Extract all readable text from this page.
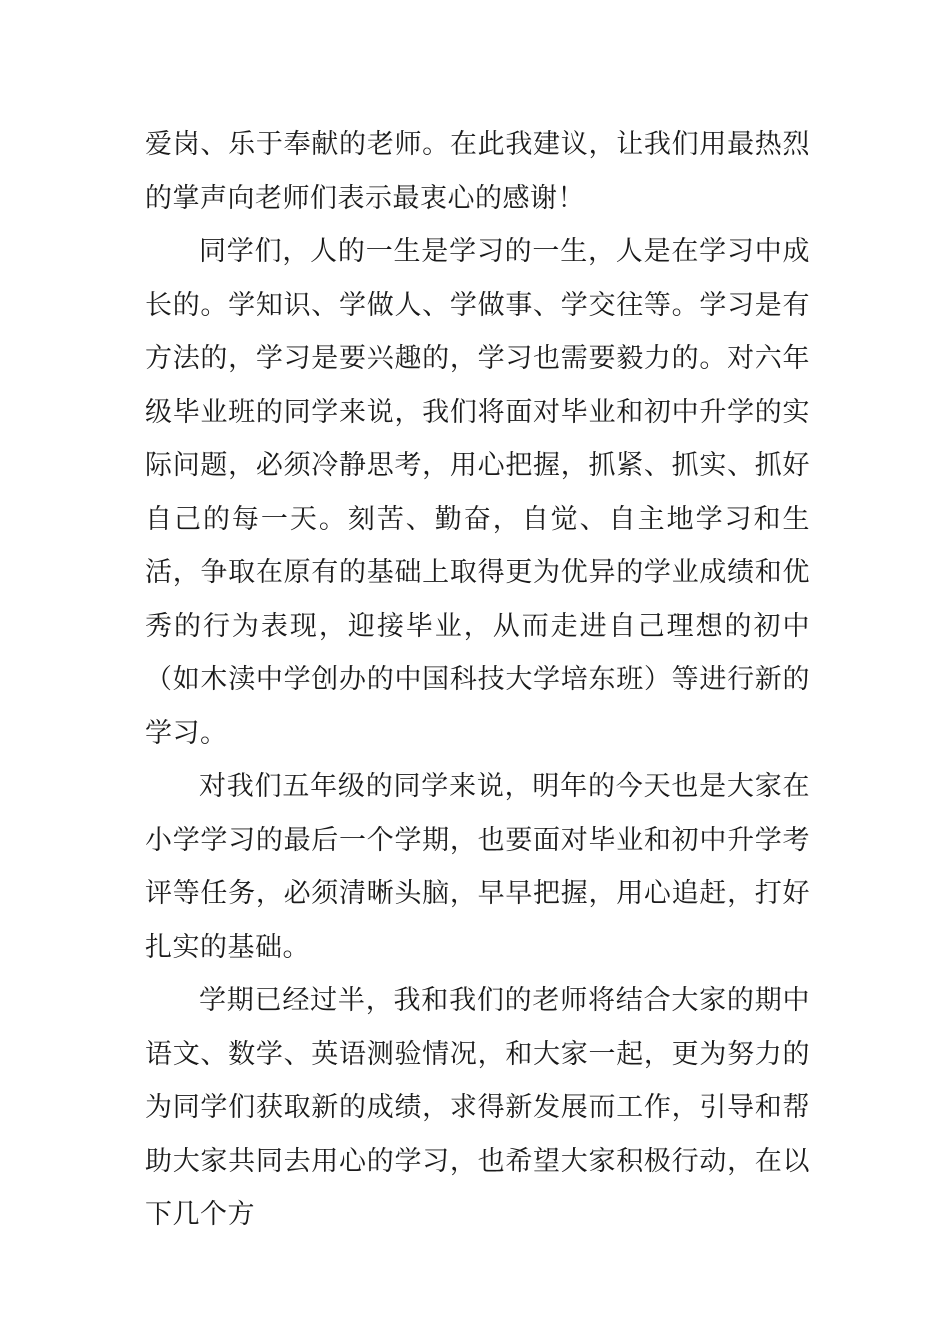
爱岗、乐于奉献的老师。在此我建议，让我们用最热烈的掌声向老师们表示最衷心的感谢！

同学们，人的一生是学习的一生，人是在学习中成长的。学知识、学做人、学做事、学交往等。学习是有方法的，学习是要兴趣的，学习也需要毅力的。对六年级毕业班的同学来说，我们将面对毕业和初中升学的实际问题，必须冷静思考，用心把握，抓紧、抓实、抓好自己的每一天。刻苦、勤奋，自觉、自主地学习和生活，争取在原有的基础上取得更为优异的学业成绩和优秀的行为表现，迎接毕业，从而走进自己理想的初中（如木渎中学创办的中国科技大学培东班）等进行新的学习。

对我们五年级的同学来说，明年的今天也是大家在小学学习的最后一个学期，也要面对毕业和初中升学考评等任务，必须清晰头脑，早早把握，用心追赶，打好扎实的基础。

学期已经过半，我和我们的老师将结合大家的期中语文、数学、英语测验情况，和大家一起，更为努力的为同学们获取新的成绩，求得新发展而工作，引导和帮助大家共同去用心的学习，也希望大家积极行动，在以下几个方
